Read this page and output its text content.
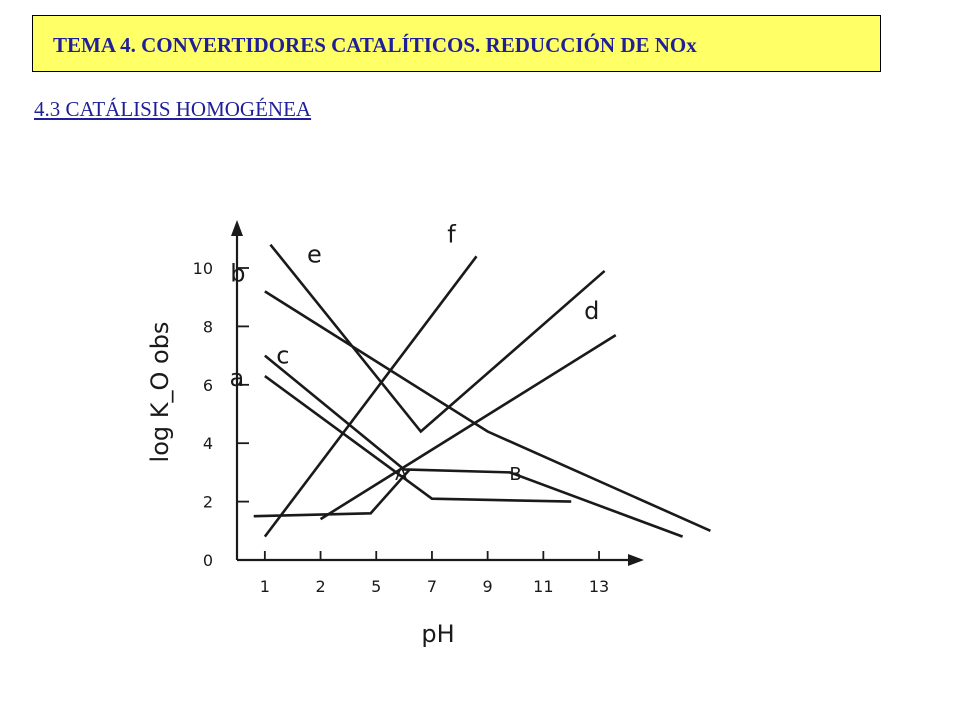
TEMA 4. CONVERTIDORES CATALÍTICOS. REDUCCIÓN DE NOx
4.3 CATÁLISIS HOMOGÉNEA
1	2	5	7	9	11 13
0
2
4
6
8
10
pH
log K_O obs a
b
c
d
e
f
A	B
